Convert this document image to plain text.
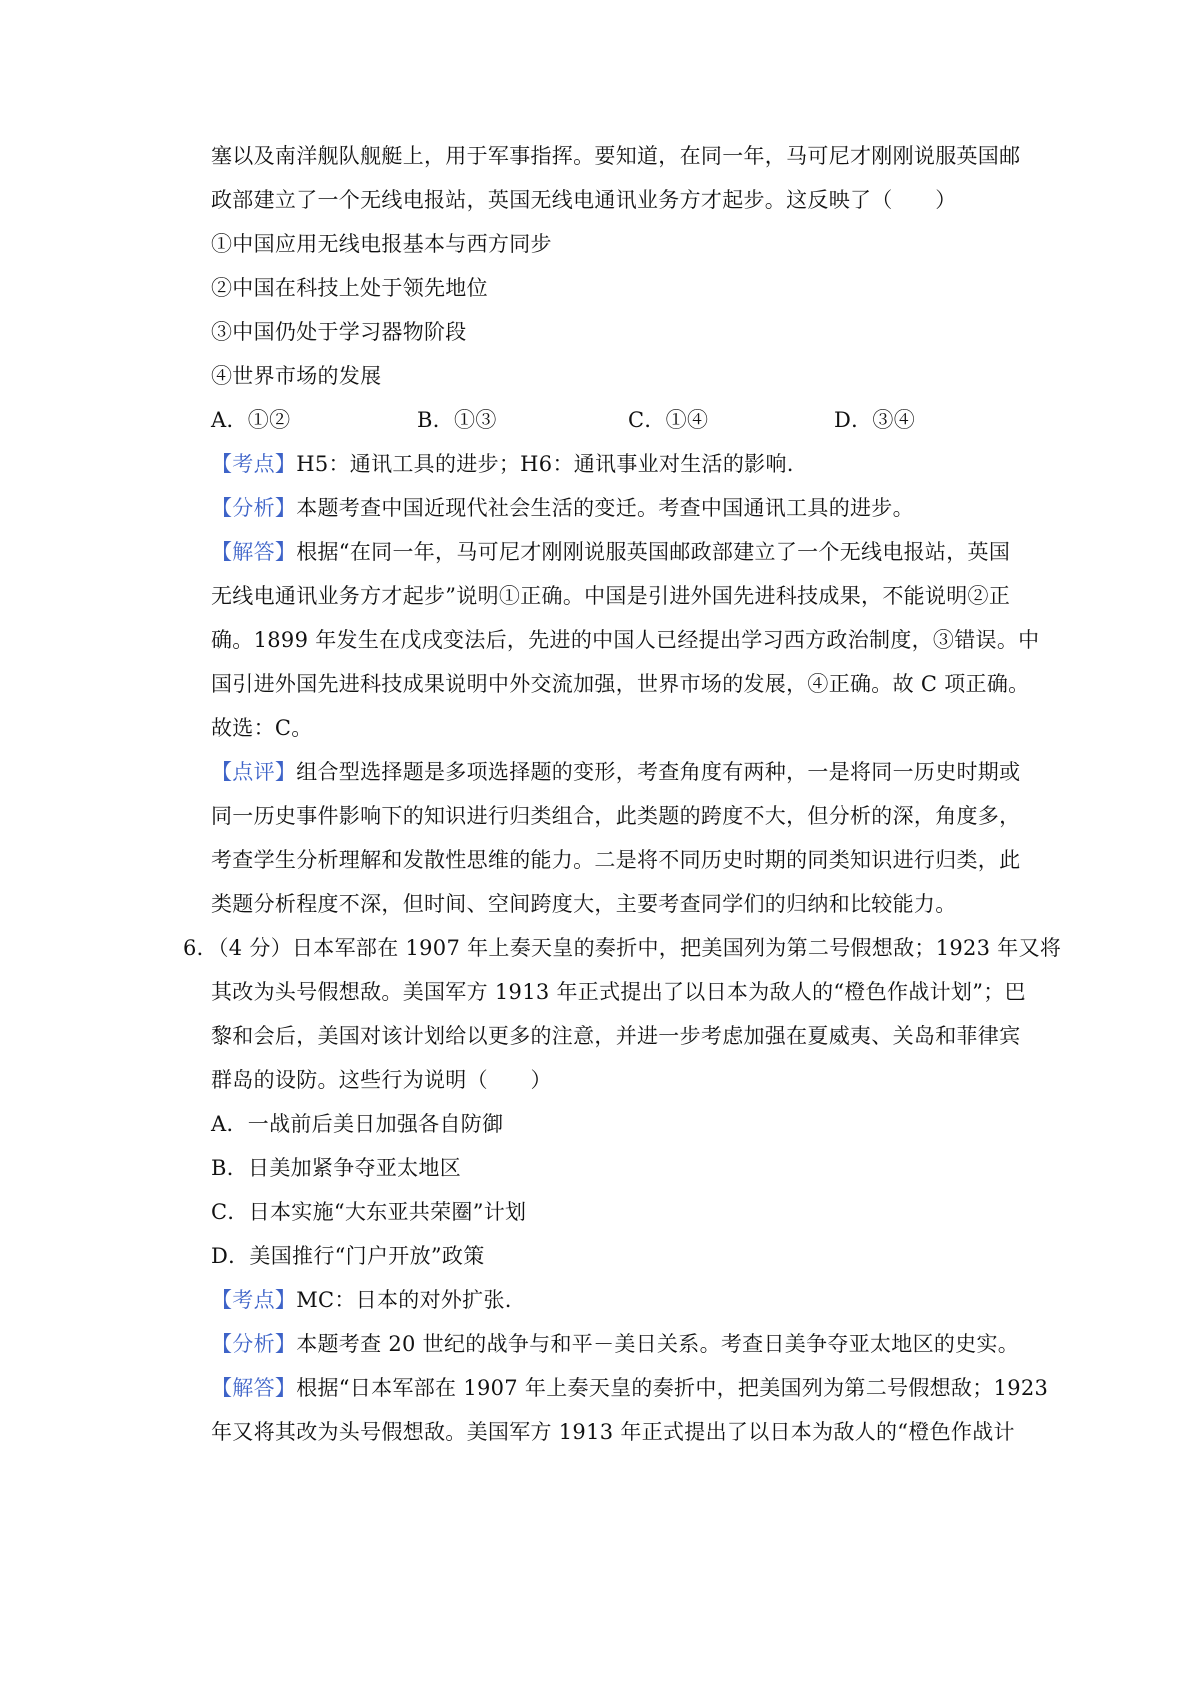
塞以及南洋舰队舰艇上，用于军事指挥。要知道，在同一年，马可尼才刚刚说服英国邮
政部建立了一个无线电报站，英国无线电通讯业务方才起步。这反映了（　　）
①中国应用无线电报基本与西方同步
②中国在科技上处于领先地位
③中国仍处于学习器物阶段
④世界市场的发展
A．①②	B．①③	C．①④	D．③④
【考点】H5：通讯工具的进步；H6：通讯事业对生活的影响.
【分析】本题考查中国近现代社会生活的变迁。考查中国通讯工具的进步。
【解答】根据“在同一年，马可尼才刚刚说服英国邮政部建立了一个无线电报站，英国
无线电通讯业务方才起步”说明①正确。中国是引进外国先进科技成果，不能说明②正
确。1899 年发生在戊戌变法后，先进的中国人已经提出学习西方政治制度，③错误。中
国引进外国先进科技成果说明中外交流加强，世界市场的发展，④正确。故 C 项正确。
故选：C。
【点评】组合型选择题是多项选择题的变形，考查角度有两种，一是将同一历史时期或
同一历史事件影响下的知识进行归类组合，此类题的跨度不大，但分析的深，角度多，
考查学生分析理解和发散性思维的能力。二是将不同历史时期的同类知识进行归类，此
类题分析程度不深，但时间、空间跨度大，主要考查同学们的归纳和比较能力。
6．（4 分）日本军部在 1907 年上奏天皇的奏折中，把美国列为第二号假想敌；1923 年又将
其改为头号假想敌。美国军方 1913 年正式提出了以日本为敌人的“橙色作战计划”；巴
黎和会后，美国对该计划给以更多的注意，并进一步考虑加强在夏威夷、关岛和菲律宾
群岛的设防。这些行为说明（　　）
A．一战前后美日加强各自防御
B．日美加紧争夺亚太地区
C．日本实施“大东亚共荣圈”计划
D．美国推行“门户开放”政策
【考点】MC：日本的对外扩张.
【分析】本题考查 20 世纪的战争与和平－美日关系。考查日美争夺亚太地区的史实。
【解答】根据“日本军部在 1907 年上奏天皇的奏折中，把美国列为第二号假想敌；1923
年又将其改为头号假想敌。美国军方 1913 年正式提出了以日本为敌人的“橙色作战计
